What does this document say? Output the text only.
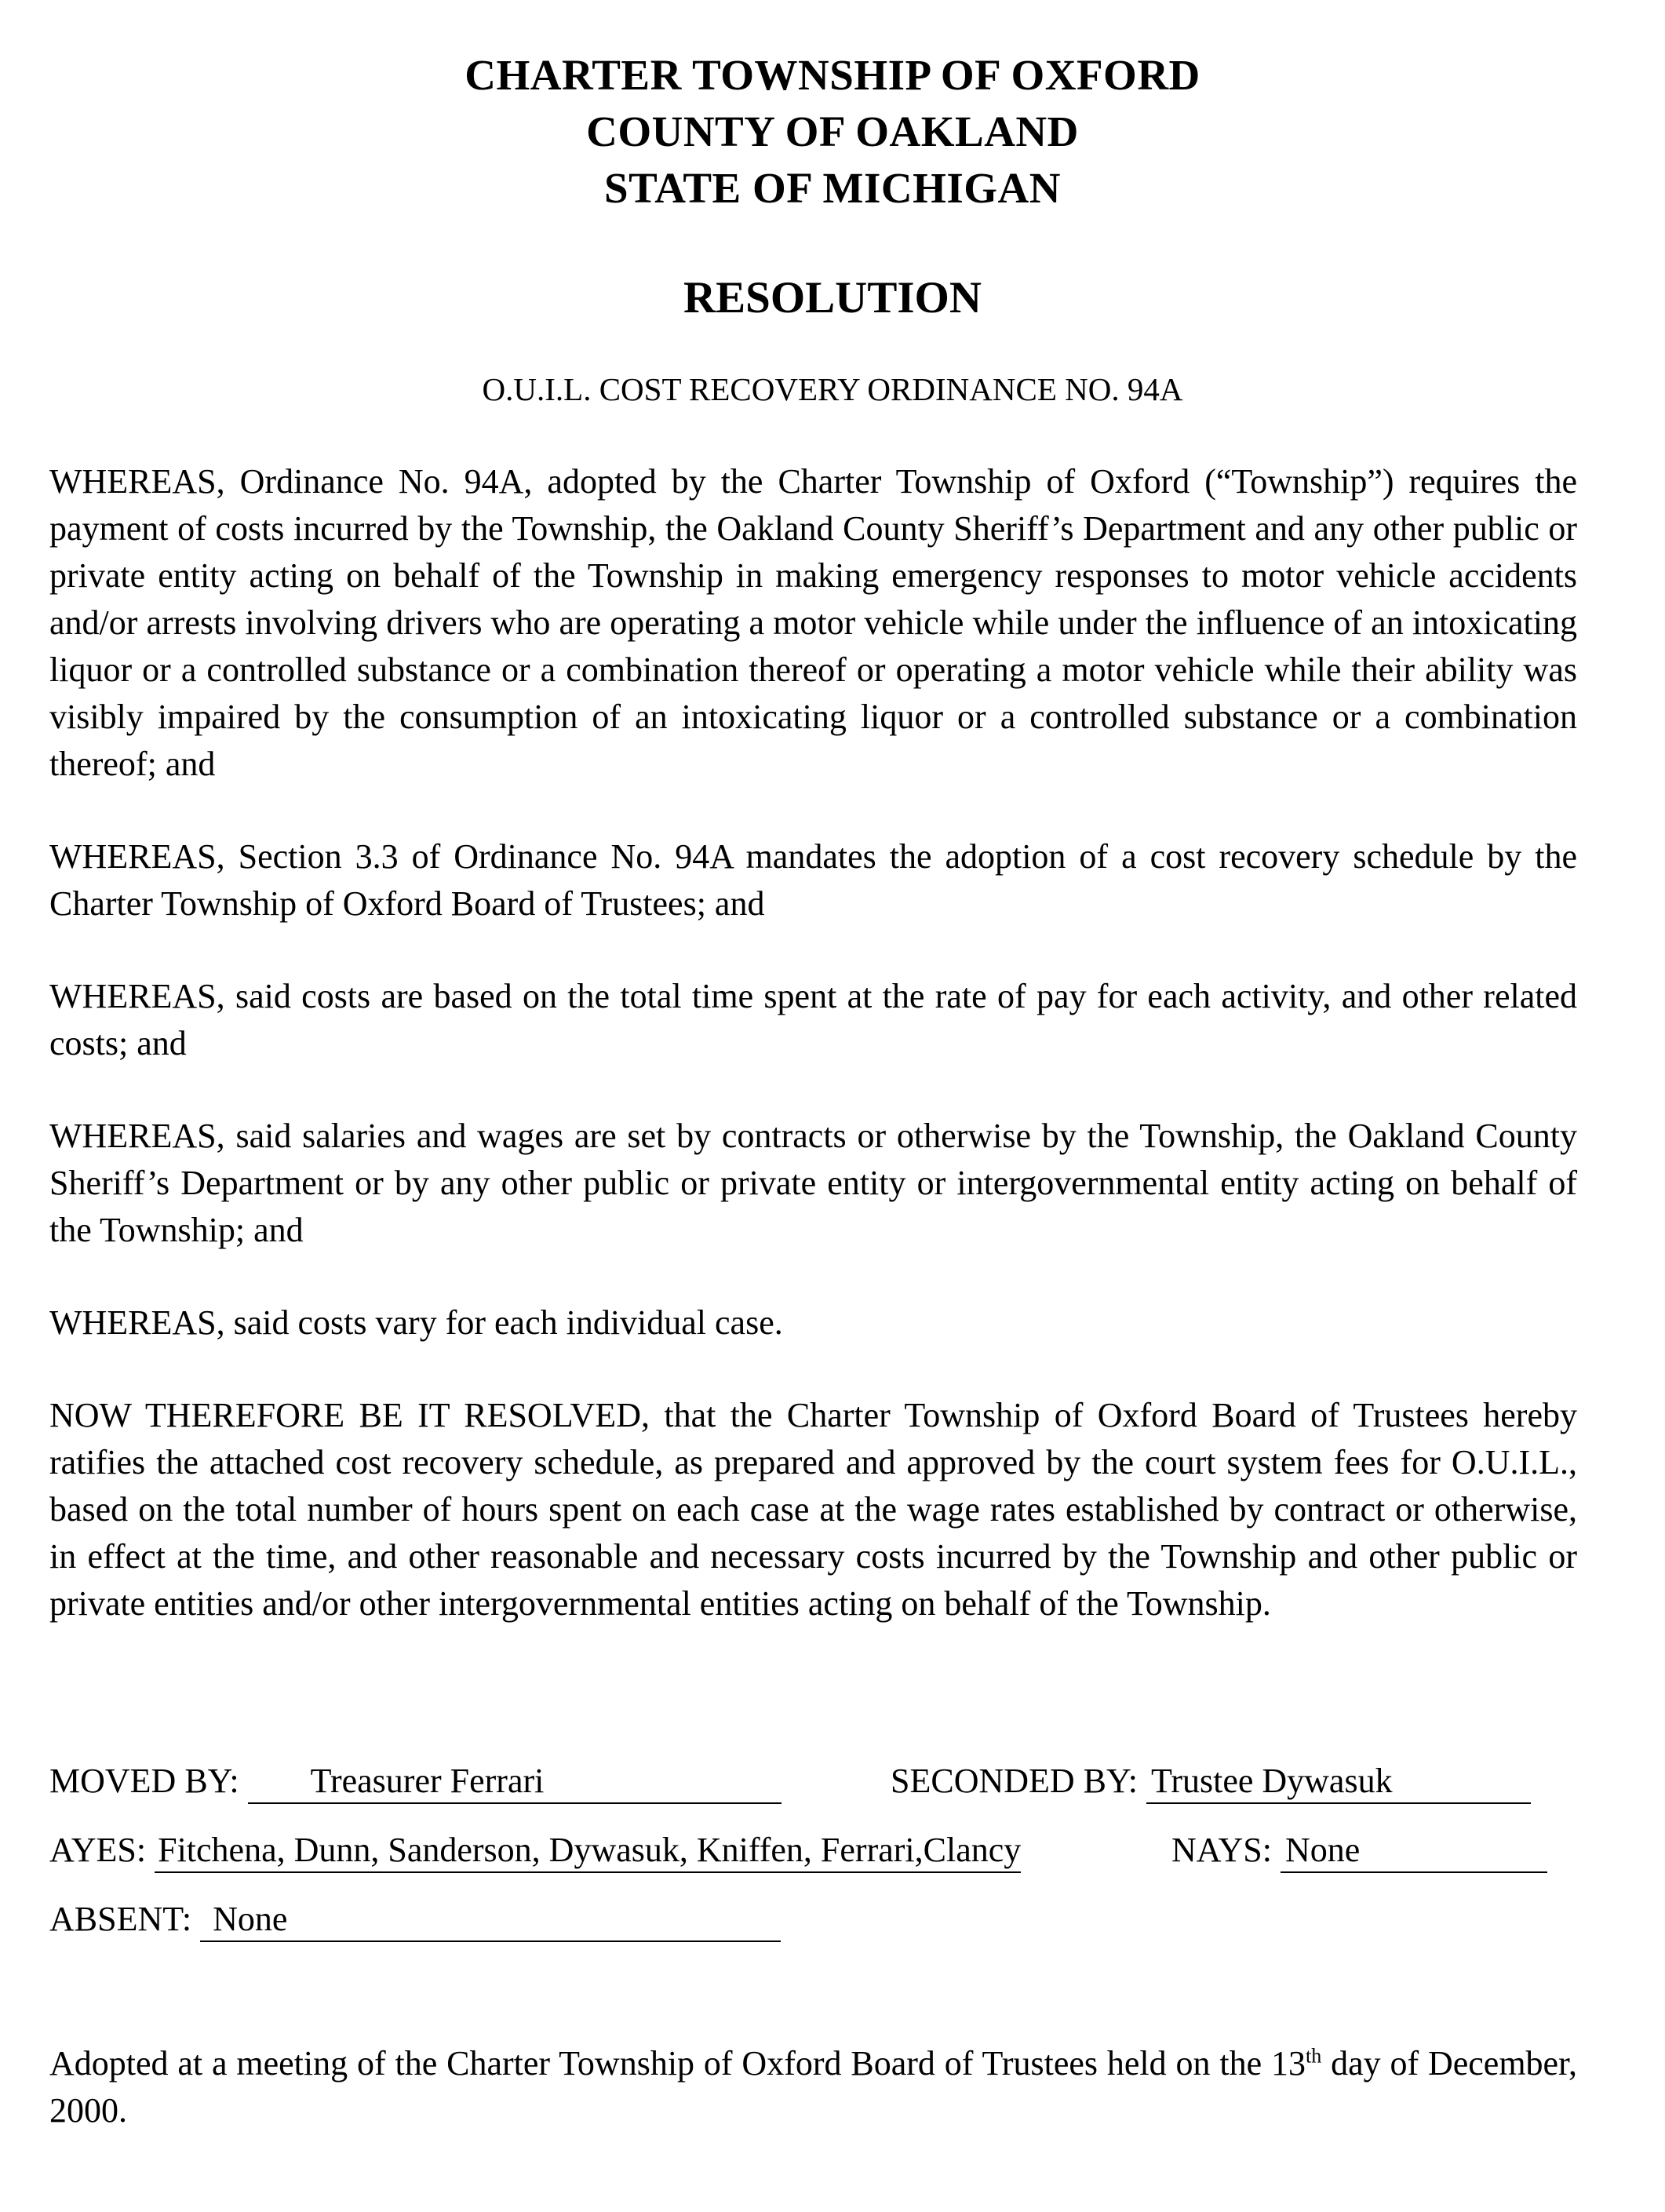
CHARTER TOWNSHIP OF OXFORD
COUNTY OF OAKLAND
STATE OF MICHIGAN
RESOLUTION
O.U.I.L. COST RECOVERY ORDINANCE NO. 94A

WHEREAS, Ordinance No. 94A, adopted by the Charter Township of Oxford (“Township”) requires the payment of costs incurred by the Township, the Oakland County Sheriff’s Department and any other public or private entity acting on behalf of the Township in making emergency responses to motor vehicle accidents and/or arrests involving drivers who are operating a motor vehicle while under the influence of an intoxicating liquor or a controlled substance or a combination thereof or operating a motor vehicle while their ability was visibly impaired by the consumption of an intoxicating liquor or a controlled substance or a combination thereof; and

WHEREAS, Section 3.3 of Ordinance No. 94A mandates the adoption of a cost recovery schedule by the Charter Township of Oxford Board of Trustees; and

WHEREAS, said costs are based on the total time spent at the rate of pay for each activity, and other related costs; and

WHEREAS, said salaries and wages are set by contracts or otherwise by the Township, the Oakland County Sheriff’s Department or by any other public or private entity or intergovernmental entity acting on behalf of the Township; and

WHEREAS, said costs vary for each individual case.

NOW THEREFORE BE IT RESOLVED, that the Charter Township of Oxford Board of Trustees hereby ratifies the attached cost recovery schedule, as prepared and approved by the court system fees for O.U.I.L., based on the total number of hours spent on each case at the wage rates established by contract or otherwise, in effect at the time, and other reasonable and necessary costs incurred by the Township and other public or private entities and/or other intergovernmental entities acting on behalf of the Township.

MOVED BY: Treasurer Ferrari	SECONDED BY: Trustee Dywasuk
AYES: Fitchena, Dunn, Sanderson, Dywasuk, Kniffen, Ferrari,Clancy	NAYS: None
ABSENT: None
Adopted at a meeting of the Charter Township of Oxford Board of Trustees held on the 13th day of December, 2000.
